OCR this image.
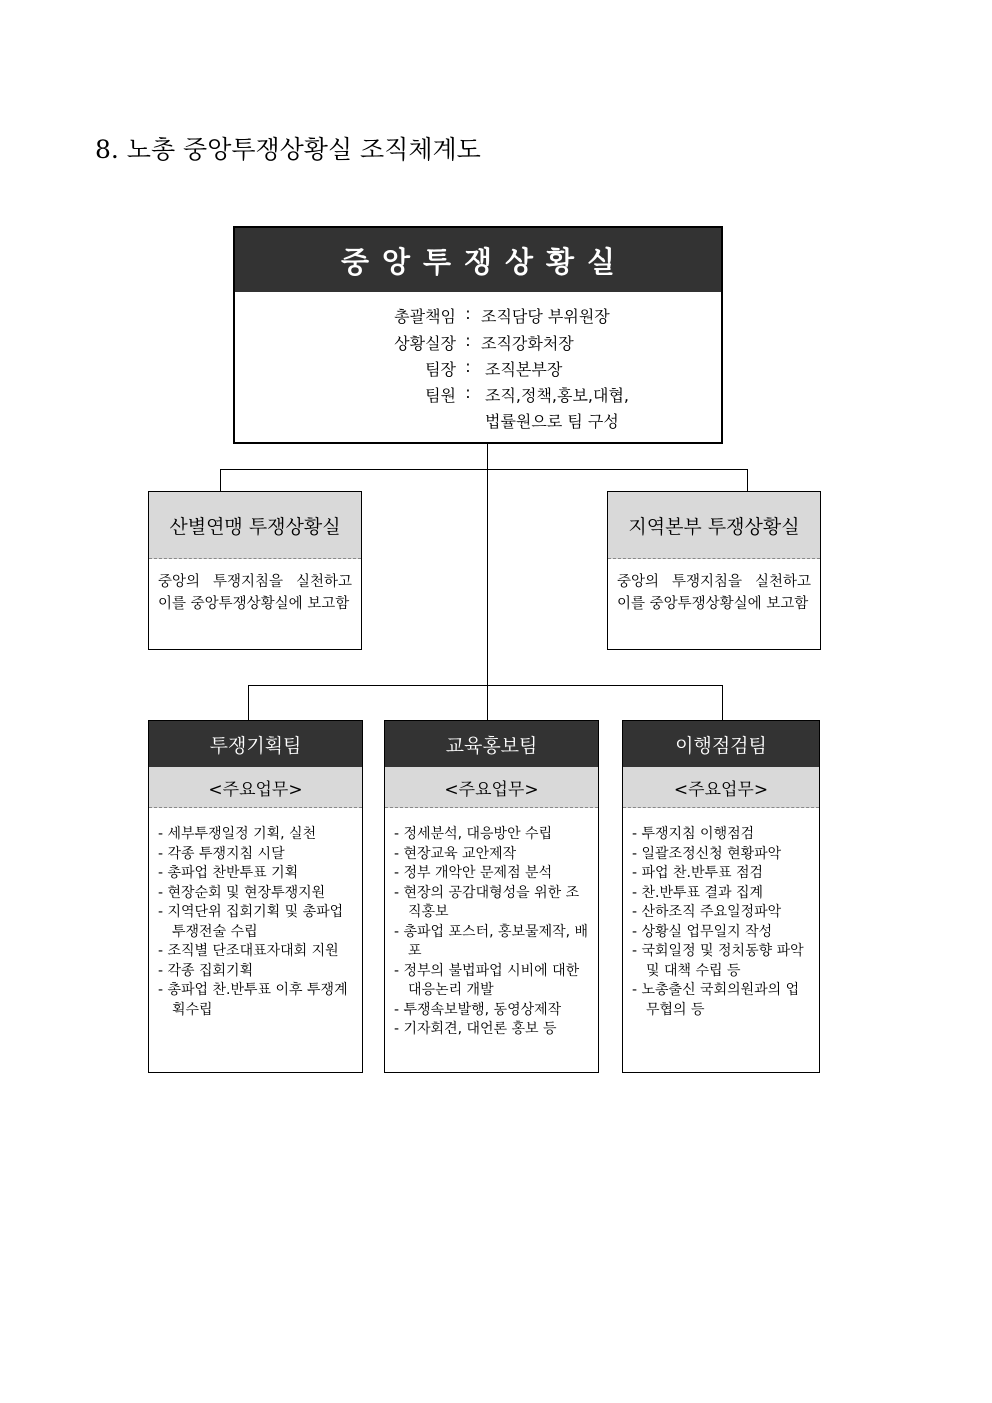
8. 노총 중앙투쟁상황실 조직체계도
중앙투쟁상황실
총괄책임 : 조직담당 부위원장
상황실장 : 조직강화처장
팀장 : 조직본부장
팀원 : 조직,정책,홍보,대협,
법률원으로 팀 구성
산별연맹 투쟁상황실
중앙의 투쟁지침을 실천하고 이를 중앙투쟁상황실에 보고함
지역본부 투쟁상황실
중앙의 투쟁지침을 실천하고 이를 중앙투쟁상황실에 보고함
투쟁기획팀
<주요업무>
- 세부투쟁일정 기획, 실천
- 각종 투쟁지침 시달
- 총파업 찬반투표 기획
- 현장순회 및 현장투쟁지원
- 지역단위 집회기획 및 총파업 투쟁전술 수립
- 조직별 단조대표자대회 지원
- 각종 집회기획
- 총파업 찬.반투표 이후 투쟁계획수립
교육홍보팀
<주요업무>
- 정세분석, 대응방안 수립
- 현장교육 교안제작
- 정부 개악안 문제점 분석
- 현장의 공감대형성을 위한 조직홍보
- 총파업 포스터, 홍보물제작, 배포
- 정부의 불법파업 시비에 대한 대응논리 개발
- 투쟁속보발행, 동영상제작
- 기자회견, 대언론 홍보 등
이행점검팀
<주요업무>
- 투쟁지침 이행점검
- 일괄조정신청 현황파악
- 파업 찬.반투표 점검
- 찬.반투표 결과 집계
- 산하조직 주요일정파악
- 상황실 업무일지 작성
- 국회일정 및 정치동향 파악 및 대책 수립 등
- 노총출신 국회의원과의 업무협의 등
